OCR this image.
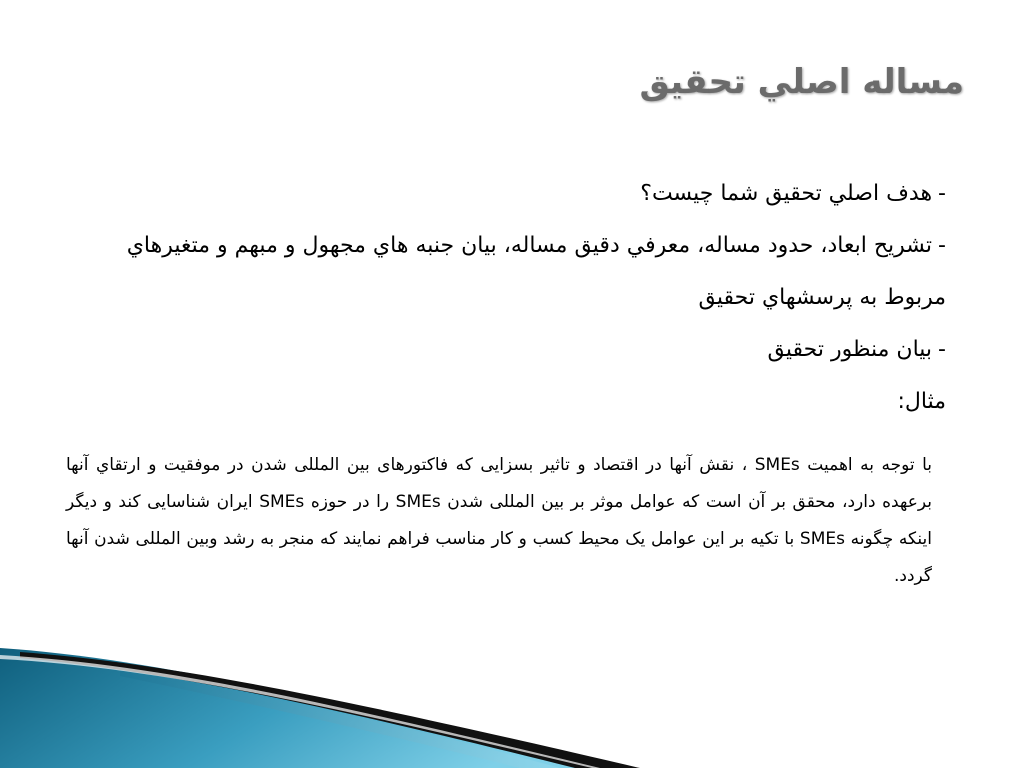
مساله اصلي تحقيق

-هدف اصلي تحقيق شما چيست؟

-تشريح ابعاد، حدود مساله، معرفي دقيق مساله، بيان جنبه هاي مجهول و مبهم و متغيرهاي مربوط به پرسشهاي تحقيق

-بيان منظور تحقيق

مثال:

با توجه به اهمیت SMEs ، نقش آنها در اقتصاد و تاثیر بسزایی که فاکتورهای بین المللی شدن در موفقیت و ارتقاي آنها برعهده دارد، محقق بر آن است که عوامل موثر بر بین المللی شدن SMEs را در حوزه SMEs ایران شناسایی کند و دیگر اینکه چگونه SMEs با تکیه بر این عوامل یک محیط کسب و کار مناسب فراهم نمایند که منجر به رشد وبین المللی شدن آنها گردد.
